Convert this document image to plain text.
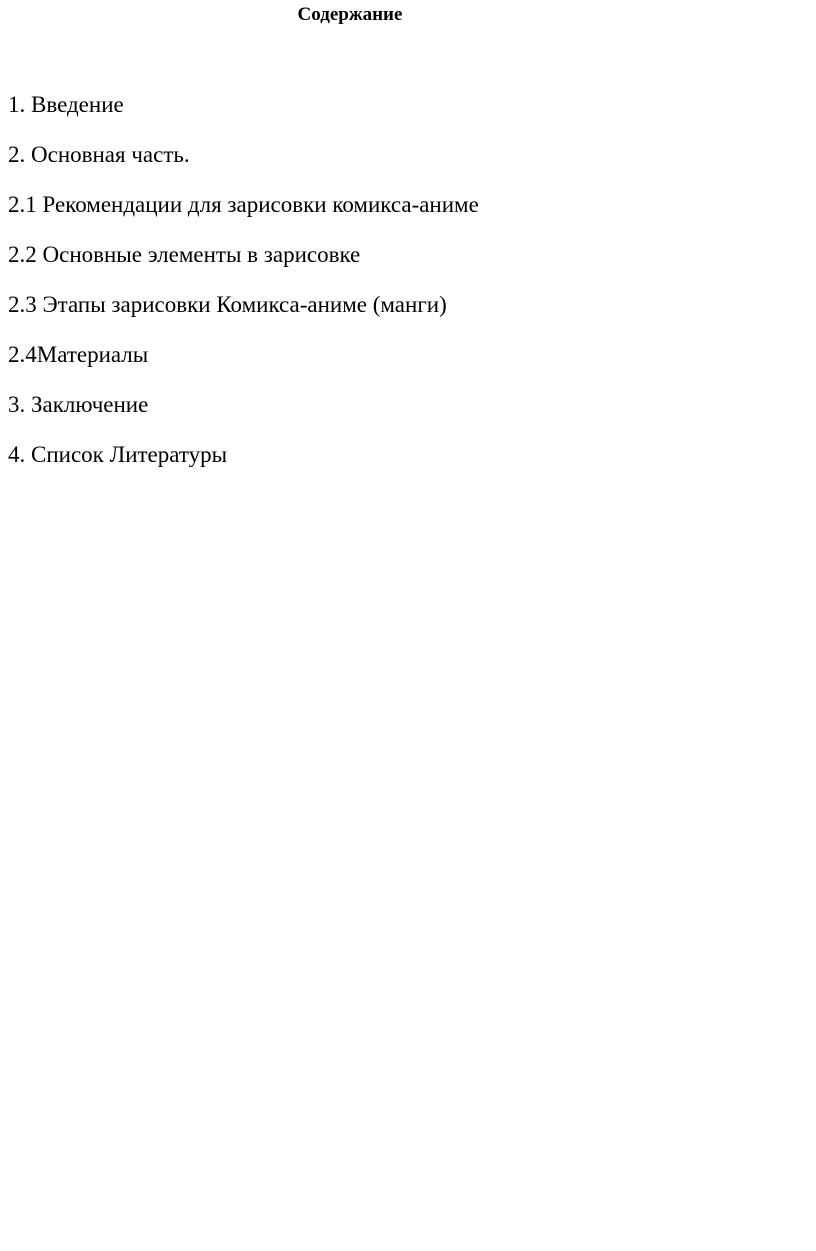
Содержание
1. Введение
2. Основная часть.
2.1 Рекомендации для зарисовки комикса-аниме
2.2 Основные элементы в зарисовке
2.3 Этапы зарисовки Комикса-аниме (манги)
2.4Материалы
3. Заключение
4. Список Литературы
